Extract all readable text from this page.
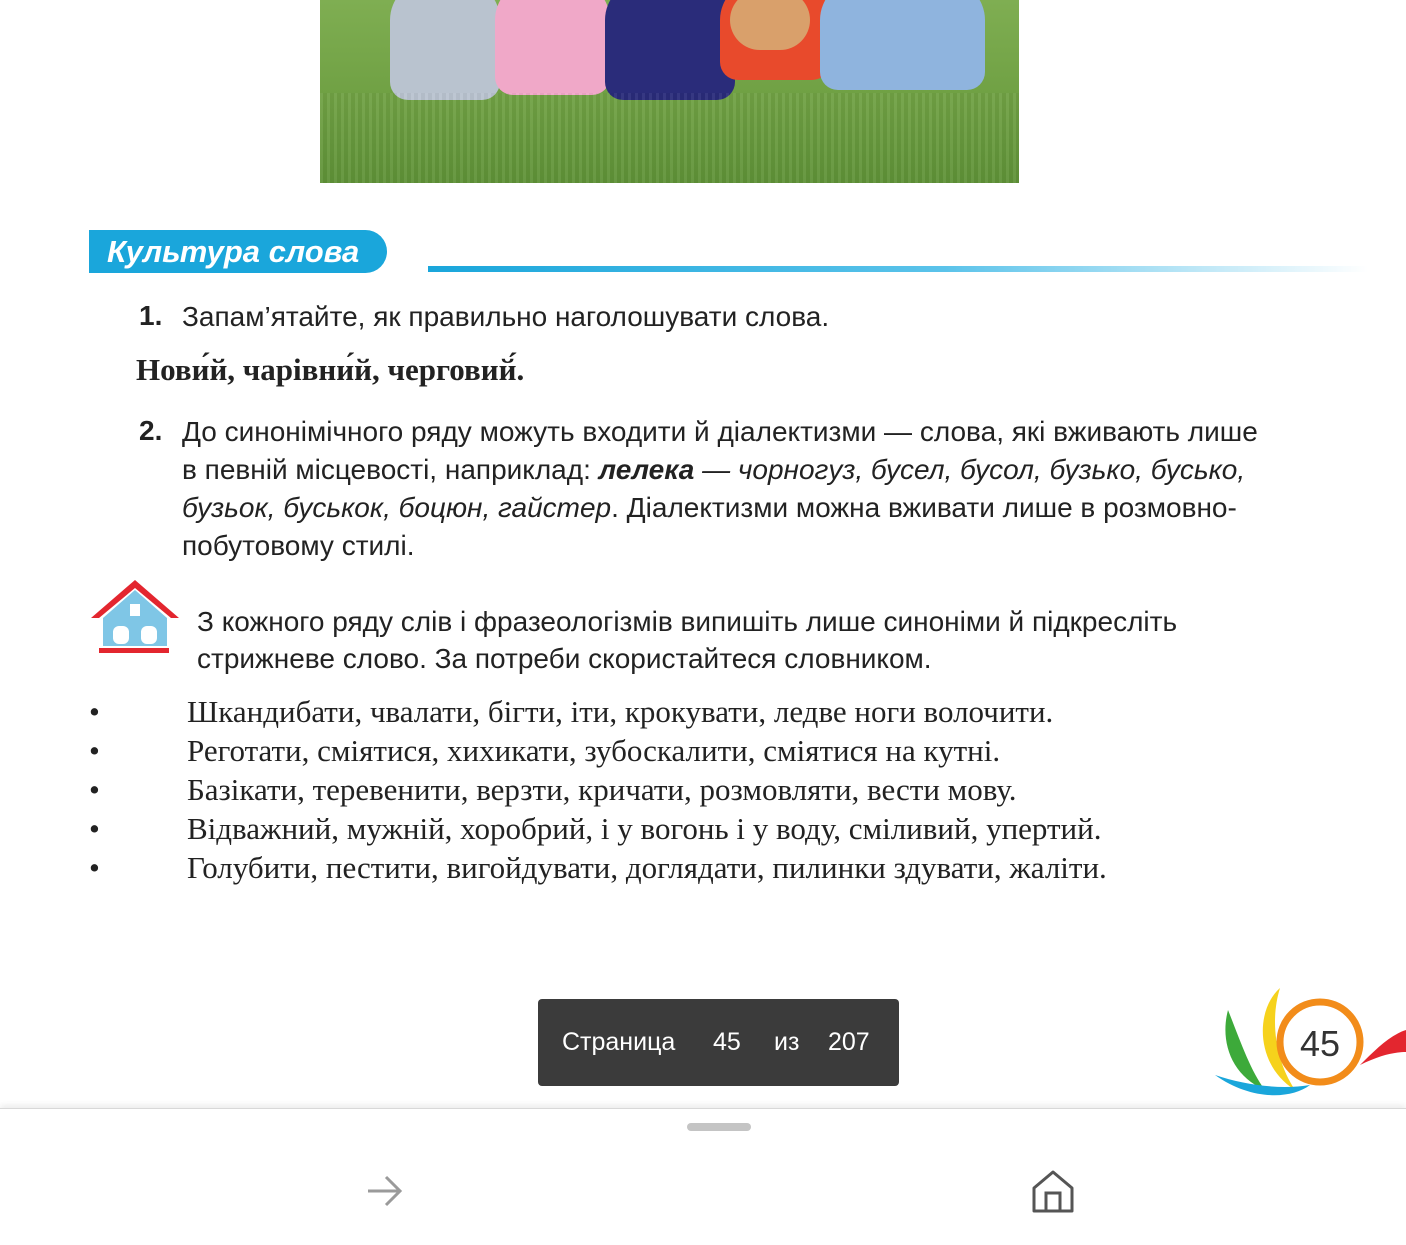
Культура слова
1. Запам’ятайте, як правильно наголошувати слова.
Нови́й, чарівни́й, черговий́.
2. До синонімічного ряду можуть входити й діалектизми — слова, які вживають лише в певній місцевості, наприклад: лелека — чорногуз, бусел, бусол, бузько, бусько, бузьок, буськок, боцюн, гайстер. Діалектизми можна вживати лише в розмовно-побутовому стилі.
З кожного ряду слів і фразеологізмів випишіть лише синоніми й підкресліть стрижневе слово. За потреби скористайтеся словником.
•	Шкандибати, чвалати, бігти, іти, крокувати, ледве ноги волочити.
•	Реготати, сміятися, хихикати, зубоскалити, сміятися на кутні.
•	Базікати, теревенити, верзти, кричати, розмовляти, вести мову.
•	Відважний, мужній, хоробрий, і у вогонь і у воду, сміливий, упертий.
•	Голубити, пестити, вигойдувати, доглядати, пилинки здувати, жаліти.
Страница 45 из 207	45
